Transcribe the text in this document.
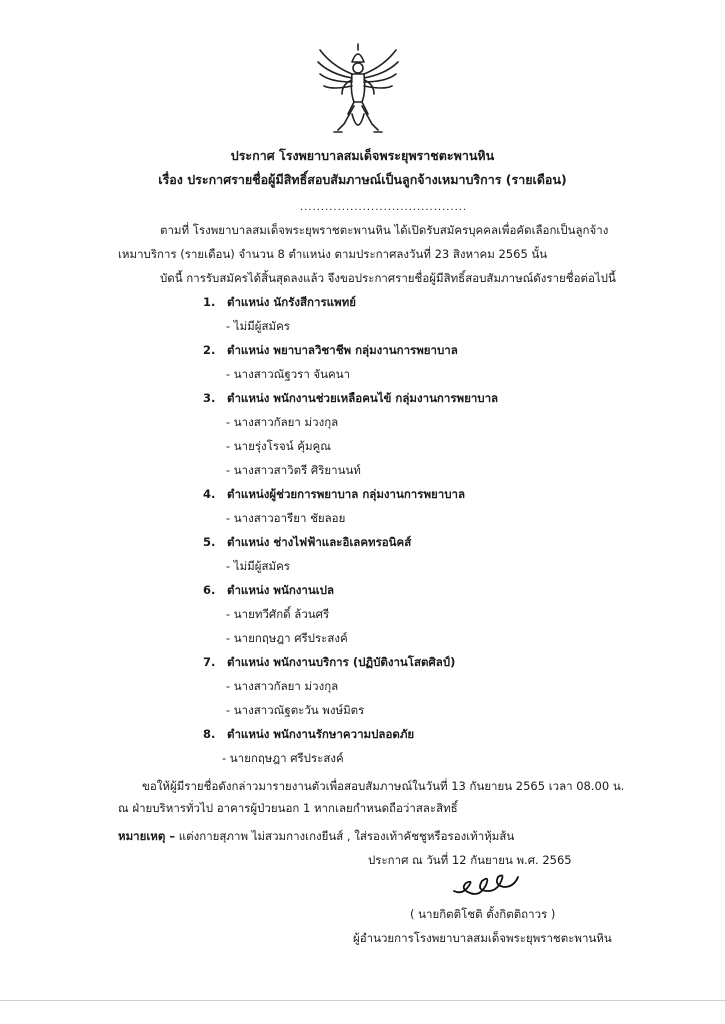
ประกาศ โรงพยาบาลสมเด็จพระยุพราชตะพานหิน
เรื่อง ประกาศรายชื่อผู้มีสิทธิ์สอบสัมภาษณ์เป็นลูกจ้างเหมาบริการ (รายเดือน)
........................................
ตามที่ โรงพยาบาลสมเด็จพระยุพราชตะพานหิน ได้เปิดรับสมัครบุคคลเพื่อคัดเลือกเป็นลูกจ้าง
เหมาบริการ (รายเดือน) จำนวน 8 ตำแหน่ง ตามประกาศลงวันที่ 23 สิงหาคม 2565 นั้น
บัดนี้ การรับสมัครได้สิ้นสุดลงแล้ว จึงขอประกาศรายชื่อผู้มีสิทธิ์สอบสัมภาษณ์ดังรายชื่อต่อไปนี้
1. ตำแหน่ง นักรังสีการแพทย์
- ไม่มีผู้สมัคร
2. ตำแหน่ง พยาบาลวิชาชีพ กลุ่มงานการพยาบาล
- นางสาวณัฐวรา จันคนา
3. ตำแหน่ง พนักงานช่วยเหลือคนไข้ กลุ่มงานการพยาบาล
- นางสาวกัลยา ม่วงกุล
- นายรุ่งโรจน์ คุ้มคูณ
- นางสาวสาวิตรี ศิริยานนท์
4. ตำแหน่งผู้ช่วยการพยาบาล กลุ่มงานการพยาบาล
- นางสาวอารียา ชัยลอย
5. ตำแหน่ง ช่างไฟฟ้าและอิเลคทรอนิคส์
- ไม่มีผู้สมัคร
6. ตำแหน่ง พนักงานเปล
- นายทวีศักดิ์ ล้วนศรี
- นายกฤษฎา ศรีประสงค์
7. ตำแหน่ง พนักงานบริการ (ปฏิบัติงานโสตศิลป์)
- นางสาวกัลยา ม่วงกุล
- นางสาวณัฐตะวัน พงษ์มิตร
8. ตำแหน่ง พนักงานรักษาความปลอดภัย
- นายกฤษฎา ศรีประสงค์
ขอให้ผู้มีรายชื่อดังกล่าวมารายงานตัวเพื่อสอบสัมภาษณ์ในวันที่ 13 กันยายน 2565 เวลา 08.00 น.
ณ ฝ่ายบริหารทั่วไป อาคารผู้ป่วยนอก 1 หากเลยกำหนดถือว่าสละสิทธิ์
หมายเหตุ – แต่งกายสุภาพ ไม่สวมกางเกงยีนส์ , ใส่รองเท้าคัชชูหรือรองเท้าหุ้มส้น
ประกาศ ณ วันที่ 12 กันยายน พ.ศ. 2565
( นายกิตติโชติ ตั้งกิตติถาวร )
ผู้อำนวยการโรงพยาบาลสมเด็จพระยุพราชตะพานหิน
